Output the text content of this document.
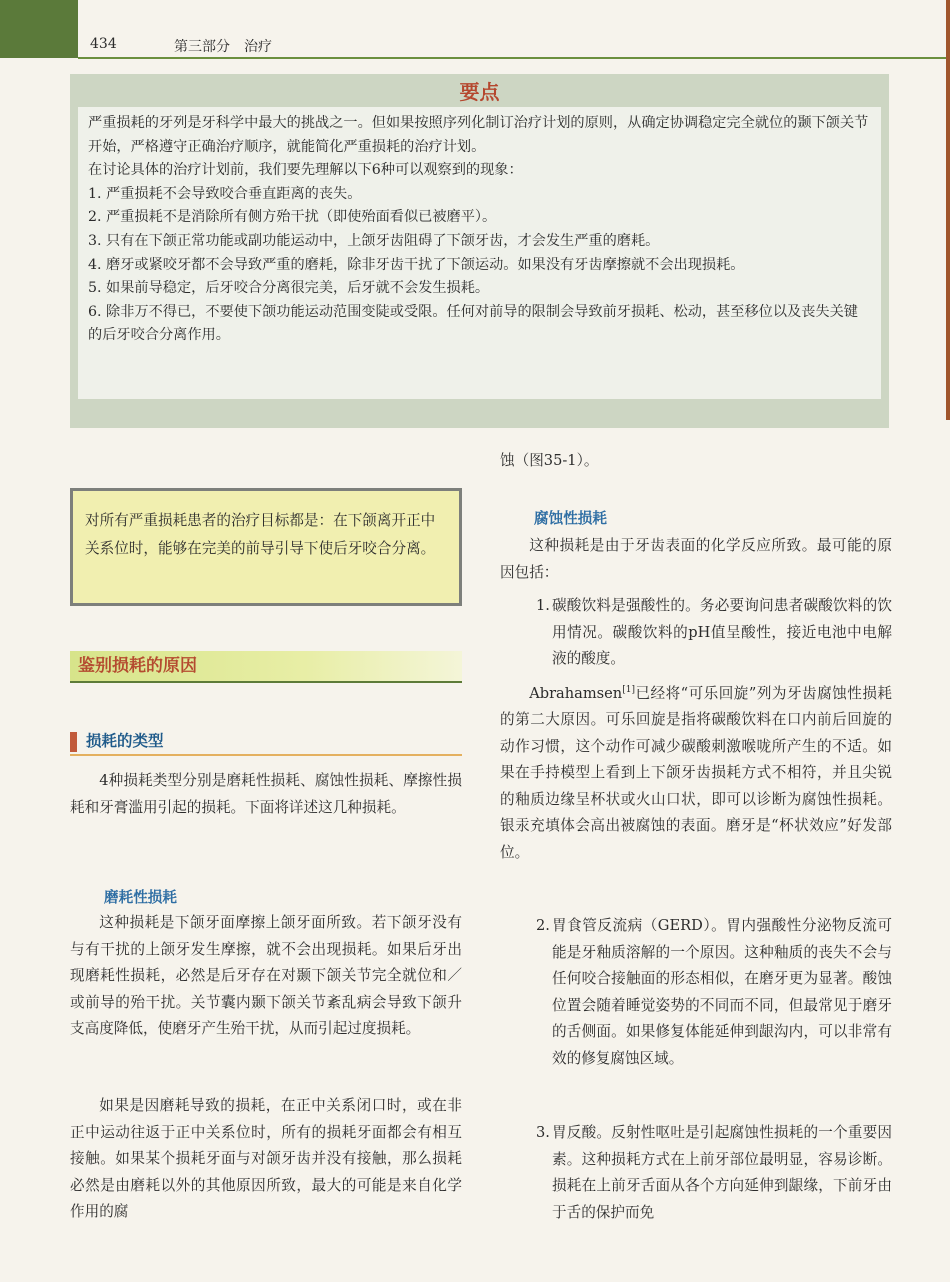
434	第三部分　治疗
要点

严重损耗的牙列是牙科学中最大的挑战之一。但如果按照序列化制订治疗计划的原则，从确定协调稳定完全就位的颞下颌关节开始，严格遵守正确治疗顺序，就能简化严重损耗的治疗计划。

在讨论具体的治疗计划前，我们要先理解以下6种可以观察到的现象：

1. 严重损耗不会导致咬合垂直距离的丧失。

2. 严重损耗不是消除所有侧方殆干扰（即使殆面看似已被磨平）。

3. 只有在下颌正常功能或副功能运动中，上颌牙齿阻碍了下颌牙齿，才会发生严重的磨耗。

4. 磨牙或紧咬牙都不会导致严重的磨耗，除非牙齿干扰了下颌运动。如果没有牙齿摩擦就不会出现损耗。

5. 如果前导稳定，后牙咬合分离很完美，后牙就不会发生损耗。

6. 除非万不得已，不要使下颌功能运动范围变陡或受限。任何对前导的限制会导致前牙损耗、松动，甚至移位以及丧失关键的后牙咬合分离作用。

对所有严重损耗患者的治疗目标都是：在下颌离开正中关系位时，能够在完美的前导引导下使后牙咬合分离。
鉴别损耗的原因
损耗的类型
4种损耗类型分别是磨耗性损耗、腐蚀性损耗、摩擦性损耗和牙膏滥用引起的损耗。下面将详述这几种损耗。
磨耗性损耗
这种损耗是下颌牙面摩擦上颌牙面所致。若下颌牙没有与有干扰的上颌牙发生摩擦，就不会出现损耗。如果后牙出现磨耗性损耗，必然是后牙存在对颞下颌关节完全就位和／或前导的殆干扰。关节囊内颞下颌关节紊乱病会导致下颌升支高度降低，使磨牙产生殆干扰，从而引起过度损耗。
如果是因磨耗导致的损耗，在正中关系闭口时，或在非正中运动往返于正中关系位时，所有的损耗牙面都会有相互接触。如果某个损耗牙面与对颌牙齿并没有接触，那么损耗必然是由磨耗以外的其他原因所致，最大的可能是来自化学作用的腐
蚀（图35-1）。
腐蚀性损耗
这种损耗是由于牙齿表面的化学反应所致。最可能的原因包括：
1. 碳酸饮料是强酸性的。务必要询问患者碳酸饮料的饮用情况。碳酸饮料的pH值呈酸性，接近电池中电解液的酸度。
Abrahamsen[1]已经将“可乐回旋”列为牙齿腐蚀性损耗的第二大原因。可乐回旋是指将碳酸饮料在口内前后回旋的动作习惯，这个动作可减少碳酸刺激喉咙所产生的不适。如果在手持模型上看到上下颌牙齿损耗方式不相符，并且尖锐的釉质边缘呈杯状或火山口状，即可以诊断为腐蚀性损耗。银汞充填体会高出被腐蚀的表面。磨牙是“杯状效应”好发部位。
2. 胃食管反流病（GERD）。胃内强酸性分泌物反流可能是牙釉质溶解的一个原因。这种釉质的丧失不会与任何咬合接触面的形态相似，在磨牙更为显著。酸蚀位置会随着睡觉姿势的不同而不同，但最常见于磨牙的舌侧面。如果修复体能延伸到龈沟内，可以非常有效的修复腐蚀区域。
3. 胃反酸。反射性呕吐是引起腐蚀性损耗的一个重要因素。这种损耗方式在上前牙部位最明显，容易诊断。损耗在上前牙舌面从各个方向延伸到龈缘，下前牙由于舌的保护而免
